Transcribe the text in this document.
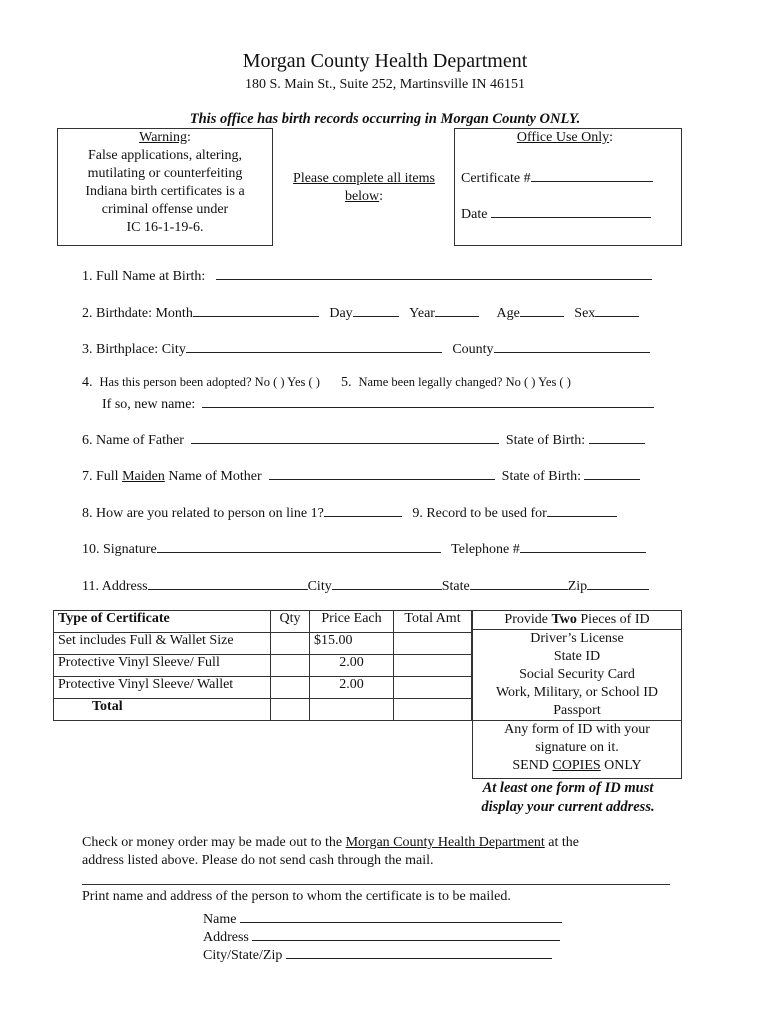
Morgan County Health Department
180 S. Main St., Suite 252, Martinsville IN 46151
This office has birth records occurring in Morgan County ONLY.
Warning:
False applications, altering,
mutilating or counterfeiting
Indiana birth certificates is a
criminal offense under
IC 16-1-19-6.
Please complete all items
below:
Office Use Only:
Certificate #
Date
1. Full Name at Birth:
2. Birthdate: Month	Day	Year	Age	Sex
3. Birthplace: City	County
4. Has this person been adopted? No ( ) Yes ( ) 5. Name been legally changed? No ( ) Yes ( )
If so, new name:
6. Name of Father	State of Birth:
7. Full Maiden Name of Mother	State of Birth:
8. How are you related to person on line 1?	9. Record to be used for
10. Signature	Telephone #
11. Address	City	State	Zip
Type of Certificate	Qty	Price Each	Total Amt
Set includes Full & Wallet Size		$15.00	
Protective Vinyl Sleeve/ Full		2.00	
Protective Vinyl Sleeve/ Wallet		2.00	
Total			
Provide Two Pieces of ID
Driver’s License
State ID
Social Security Card
Work, Military, or School ID
Passport
Any form of ID with your
signature on it.
SEND COPIES ONLY
At least one form of ID must
display your current address.
Check or money order may be made out to the Morgan County Health Department at the
address listed above. Please do not send cash through the mail.
Print name and address of the person to whom the certificate is to be mailed.
Name
Address
City/State/Zip
